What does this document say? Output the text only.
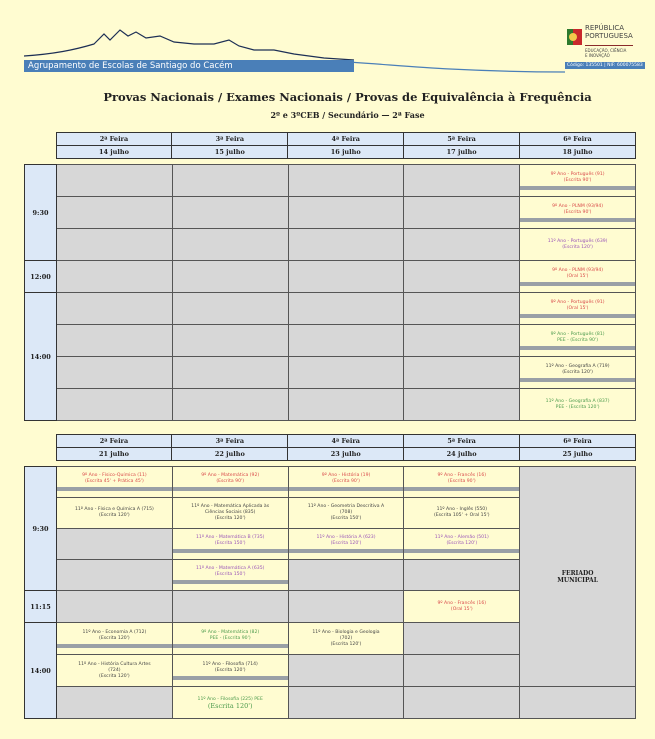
Agrupamento de Escolas de Santiago do Cacém
REPÚBLICA
PORTUGUESA
EDUCAÇÃO, CIÊNCIA
E INOVAÇÃO
Código: 135501 | NIF: 600075583
Provas Nacionais / Exames Nacionais / Provas de Equivalência à Frequência
2º e 3ºCEB / Secundário — 2ª Fase
	2ª Feira	3ª Feira	4ª Feira	5ª Feira	6ª Feira
	14 julho	15 julho	16 julho	17 julho	18 julho
9:30					9º Ano - Português (91)
(Escrita 90')

					9º Ano - PLNM (93/94)
(Escrita 90')

					11º Ano - Português (639)
(Escrita 120')

12:00					9º Ano - PLNM (93/94)
(Oral 15')

14:00					9º Ano - Português (91)
(Oral 15')

					9º Ano - Português (81)
PEE - (Escrita 90')

					11º Ano - Geografia A (719)
(Escrita 120')

					11º Ano - Geografia A (837)
PEE - (Escrita 120')
	2ª Feira	3ª Feira	4ª Feira	5ª Feira	6ª Feira
	21 julho	22 julho	23 julho	24 julho	25 julho
9:30	9º Ano - Físico-Química (11)
(Escrita 45' + Prática 45')	9º Ano - Matemática (92)
(Escrita 90')	9º Ano - História (19)
(Escrita 90')	9º Ano - Francês (16)
(Escrita 90')	FERIADO
MUNICIPAL

	11º Ano - Física e Química A (715)
(Escrita 120')	11º Ano - Matemática Aplicada às
Ciências Sociais (835)
(Escrita 120')	11º Ano - Geometria Descritiva A
(708)
(Escrita 150')	11º Ano - Inglês (550)
(Escrita 105' + Oral 15')	

		11º Ano - Matemática B (735)
(Escrita 150')	11º Ano - História A (623)
(Escrita 120')	11º Ano - Alemão (501)
(Escrita 120')	

		11º Ano - Matemática A (635)
(Escrita 150')			

11:15				9º Ano - Francês (16)
(Oral 15')	

14:00	11º Ano - Economia A (712)
(Escrita 120')	9º Ano - Matemática (82)
PEE - (Escrita 90')	11º Ano - Biologia e Geologia
(702)
(Escrita 120')		

	11º Ano - História Cultura Artes
(724)
(Escrita 120')	11º Ano - Filosofia (714)
(Escrita 120')			

		11º Ano - Filosofia (225) PEE
(Escrita 120')			
